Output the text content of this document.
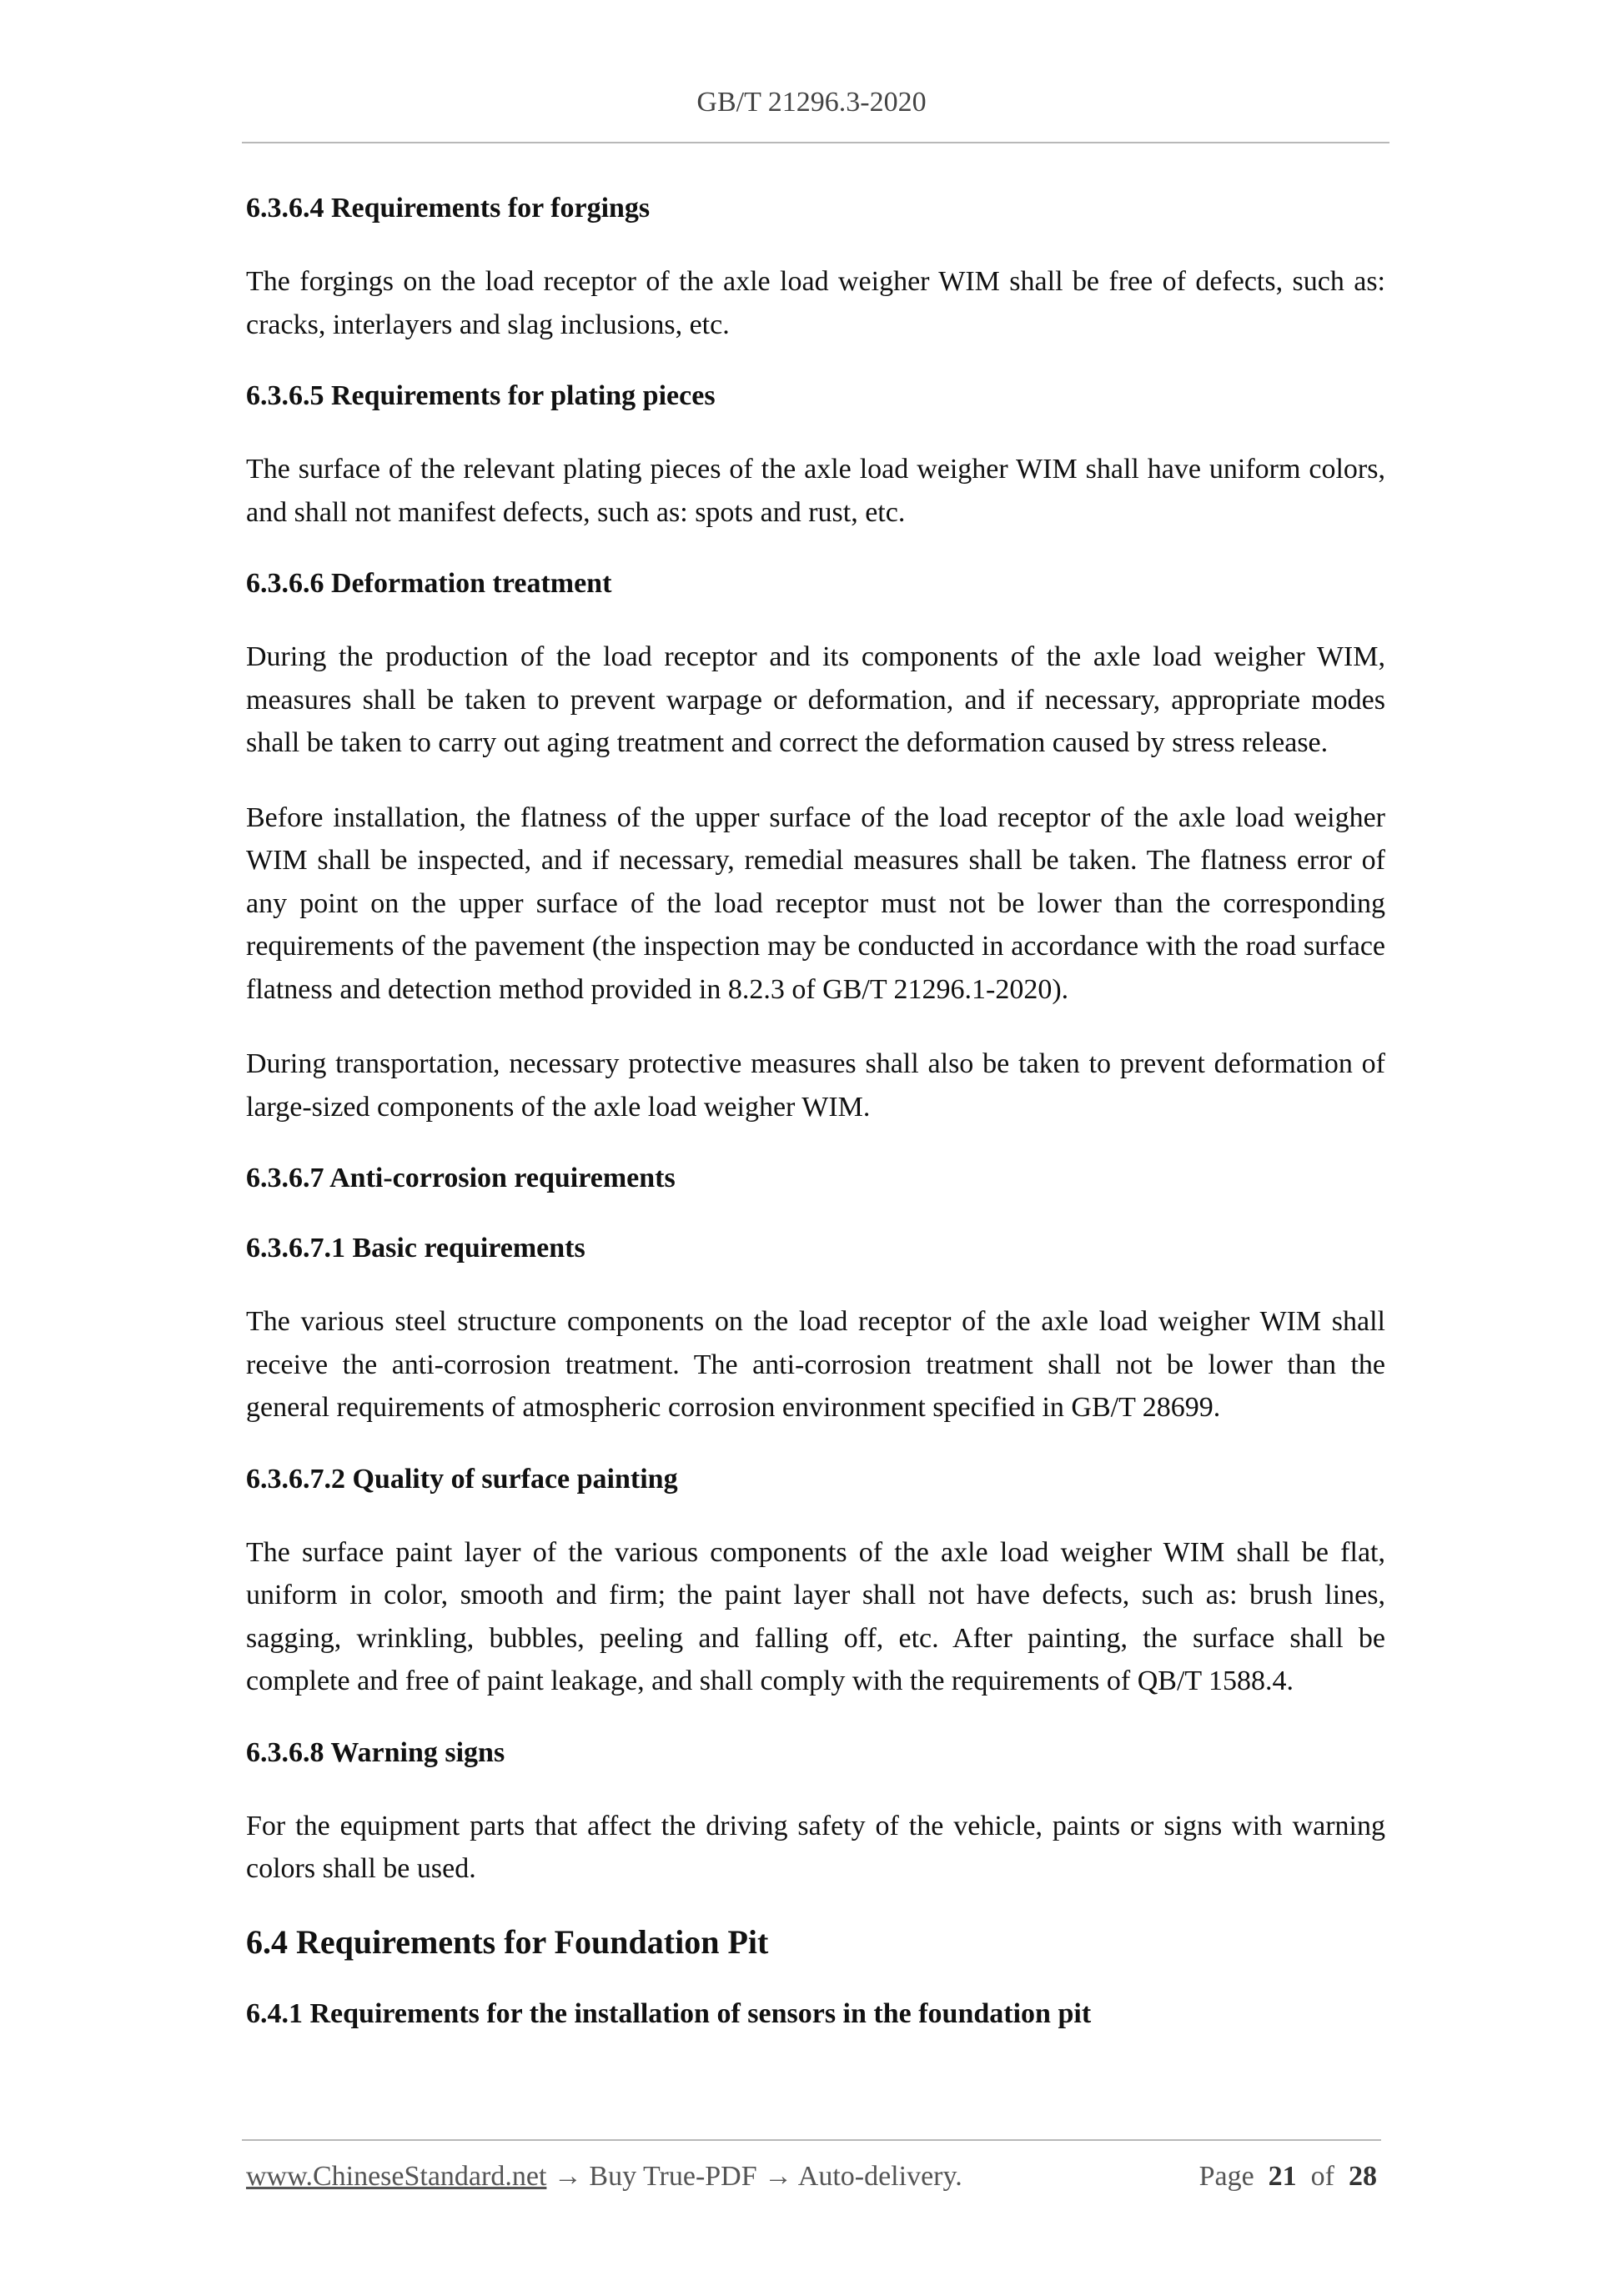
GB/T 21296.3-2020
6.3.6.4 Requirements for forgings
The forgings on the load receptor of the axle load weigher WIM shall be free of defects, such as: cracks, interlayers and slag inclusions, etc.
6.3.6.5 Requirements for plating pieces
The surface of the relevant plating pieces of the axle load weigher WIM shall have uniform colors, and shall not manifest defects, such as: spots and rust, etc.
6.3.6.6 Deformation treatment
During the production of the load receptor and its components of the axle load weigher WIM, measures shall be taken to prevent warpage or deformation, and if necessary, appropriate modes shall be taken to carry out aging treatment and correct the deformation caused by stress release.
Before installation, the flatness of the upper surface of the load receptor of the axle load weigher WIM shall be inspected, and if necessary, remedial measures shall be taken. The flatness error of any point on the upper surface of the load receptor must not be lower than the corresponding requirements of the pavement (the inspection may be conducted in accordance with the road surface flatness and detection method provided in 8.2.3 of GB/T 21296.1-2020).
During transportation, necessary protective measures shall also be taken to prevent deformation of large-sized components of the axle load weigher WIM.
6.3.6.7 Anti-corrosion requirements
6.3.6.7.1 Basic requirements
The various steel structure components on the load receptor of the axle load weigher WIM shall receive the anti-corrosion treatment. The anti-corrosion treatment shall not be lower than the general requirements of atmospheric corrosion environment specified in GB/T 28699.
6.3.6.7.2 Quality of surface painting
The surface paint layer of the various components of the axle load weigher WIM shall be flat, uniform in color, smooth and firm; the paint layer shall not have defects, such as: brush lines, sagging, wrinkling, bubbles, peeling and falling off, etc. After painting, the surface shall be complete and free of paint leakage, and shall comply with the requirements of QB/T 1588.4.
6.3.6.8 Warning signs
For the equipment parts that affect the driving safety of the vehicle, paints or signs with warning colors shall be used.
6.4 Requirements for Foundation Pit
6.4.1 Requirements for the installation of sensors in the foundation pit
www.ChineseStandard.net → Buy True-PDF → Auto-delivery.	Page 21 of 28
